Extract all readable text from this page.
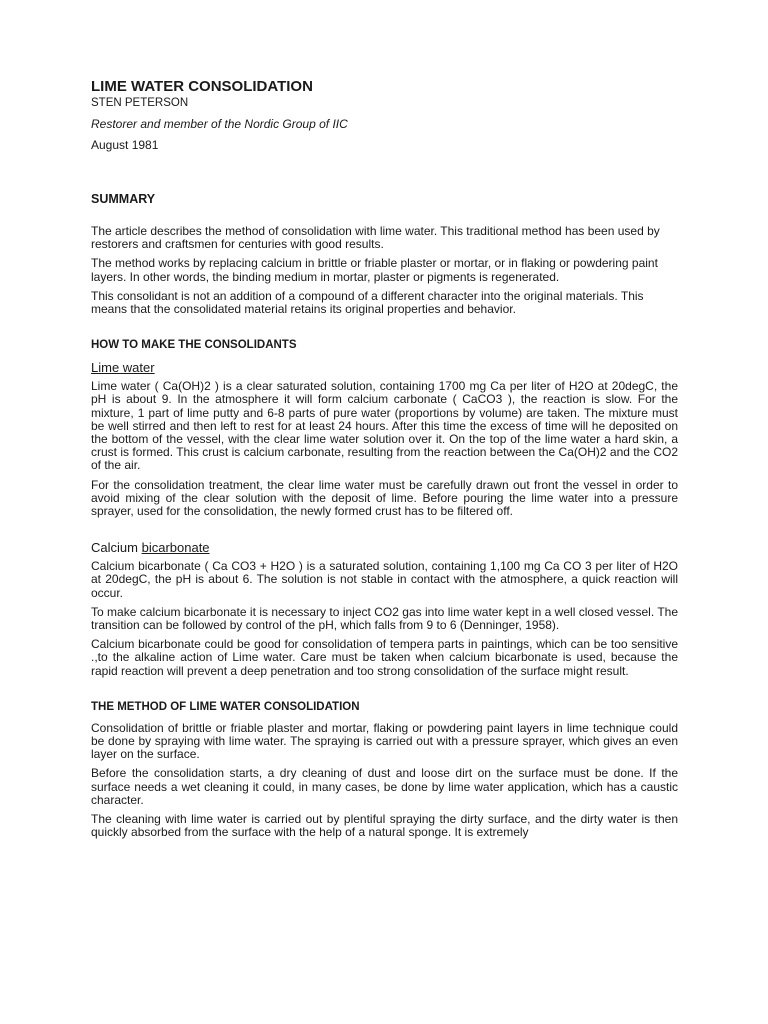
LIME WATER CONSOLIDATION
STEN PETERSON
Restorer and member of the Nordic Group of IIC
August 1981
SUMMARY

The article describes the method of consolidation with lime water. This traditional method has been used by restorers and craftsmen for centuries with good results.

The method works by replacing calcium in brittle or friable plaster or mortar, or in flaking or powdering paint layers. In other words, the binding medium in mortar, plaster or pigments is regenerated.

This consolidant is not an addition of a compound of a different character into the original materials. This means that the consolidated material retains its original properties and behavior.

HOW TO MAKE THE CONSOLIDANTS
Lime water

Lime water ( Ca(OH)2 ) is a clear saturated solution, containing 1700 mg Ca per liter of H2O at 20degC, the pH is about 9. In the atmosphere it will form calcium carbonate ( CaCO3 ), the reaction is slow. For the mixture, 1 part of lime putty and 6-8 parts of pure water (proportions by volume) are taken. The mixture must be well stirred and then left to rest for at least 24 hours. After this time the excess of time will he deposited on the bottom of the vessel, with the clear lime water solution over it. On the top of the lime water a hard skin, a crust is formed. This crust is calcium carbonate, resulting from the reaction between the Ca(OH)2 and the CO2 of the air.

For the consolidation treatment, the clear lime water must be carefully drawn out front the vessel in order to avoid mixing of the clear solution with the deposit of lime. Before pouring the lime water into a pressure sprayer, used for the consolidation, the newly formed crust has to be filtered off.

Calcium bicarbonate

Calcium bicarbonate ( Ca CO3 + H2O ) is a saturated solution, containing 1,100 mg Ca CO 3 per liter of H2O at 20degC, the pH is about 6. The solution is not stable in contact with the atmosphere, a quick reaction will occur.

To make calcium bicarbonate it is necessary to inject CO2 gas into lime water kept in a well closed vessel. The transition can be followed by control of the pH, which falls from 9 to 6 (Denninger, 1958).

Calcium bicarbonate could be good for consolidation of tempera parts in paintings, which can be too sensitive .,to the alkaline action of Lime water. Care must be taken when calcium bicarbonate is used, because the rapid reaction will prevent a deep penetration and too strong consolidation of the surface might result.

THE METHOD OF LIME WATER CONSOLIDATION

Consolidation of brittle or friable plaster and mortar, flaking or powdering paint layers in lime technique could be done by spraying with lime water. The spraying is carried out with a pressure sprayer, which gives an even layer on the surface.

Before the consolidation starts, a dry cleaning of dust and loose dirt on the surface must be done. If the surface needs a wet cleaning it could, in many cases, be done by lime water application, which has a caustic character.

The cleaning with lime water is carried out by plentiful spraying the dirty surface, and the dirty water is then quickly absorbed from the surface with the help of a natural sponge. It is extremely
